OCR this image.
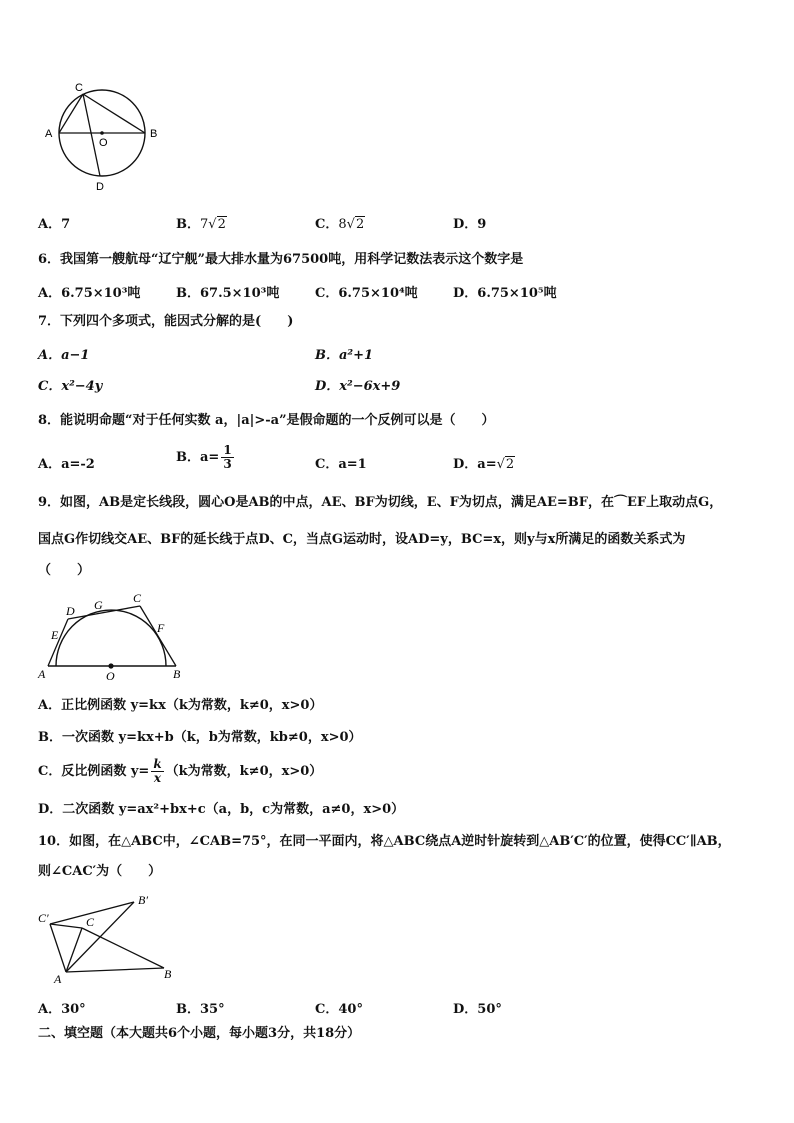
C
A	B
O
D
A．7	B．7√2	C．8√2	D．9
6．我国第一艘航母“辽宁舰”最大排水量为67500吨，用科学记数法表示这个数字是
A．6.75×10³吨	B．67.5×10³吨	C．6.75×10⁴吨	D．6.75×10⁵吨
7．下列四个多项式，能因式分解的是(　　)
A．a−1	B．a²+1
C．x²−4y	D．x²−6x+9
8．能说明命题“对于任何实数 a，|a|>-a”是假命题的一个反例可以是（　　）
A．a=-2	B．$a= \frac{1}{3}$	C．a=1	D．a=√2
9．如图，AB是定长线段，圆心O是AB的中点，AE、BF为切线，E、F为切点，满足AE=BF，在⌒EF上取动点G，
国点G作切线交AE、BF的延长线于点D、C，当点G运动时，设AD=y，BC=x，则y与x所满足的函数关系式为
（　　）
A	B
O
E
D G	C
F
A．正比例函数 y=kx（k为常数，k≠0，x>0）
B．一次函数 y=kx+b（k，b为常数，kb≠0，x>0）
C．反比例函数 $y= \frac{k}{x} (k$为常数，k≠0，x>0）
D．二次函数 y=ax²+bx+c（a，b，c为常数，a≠0，x>0）
10．如图，在△ABC中，∠CAB=75°，在同一平面内，将△ABC绕点A逆时针旋转到△AB′C′的位置，使得CC′∥AB，
则∠CAC′为（　　）
A	B
C
C′
B′
A．30°	B．35°	C．40°	D．50°
二、填空题（本大题共6个小题，每小题3分，共18分）
